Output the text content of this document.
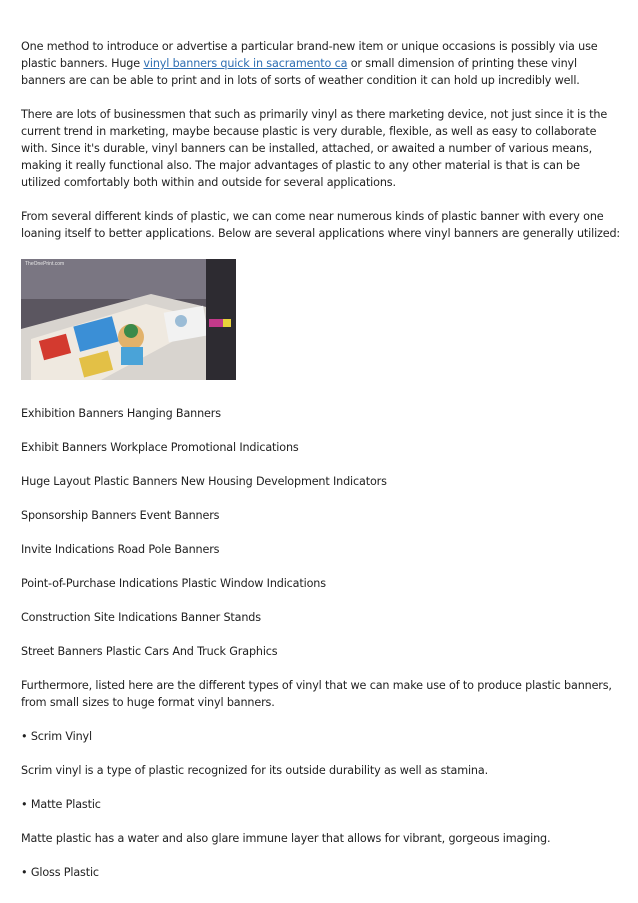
One method to introduce or advertise a particular brand-new item or unique occasions is possibly via use plastic banners. Huge vinyl banners quick in sacramento ca or small dimension of printing these vinyl banners are can be able to print and in lots of sorts of weather condition it can hold up incredibly well.

There are lots of businessmen that such as primarily vinyl as there marketing device, not just since it is the current trend in marketing, maybe because plastic is very durable, flexible, as well as easy to collaborate with. Since it's durable, vinyl banners can be installed, attached, or awaited a number of various means, making it really functional also. The major advantages of plastic to any other material is that is can be utilized comfortably both within and outside for several applications.

From several different kinds of plastic, we can come near numerous kinds of plastic banner with every one loaning itself to better applications. Below are several applications where vinyl banners are generally utilized:

TheOnePrint.com

Exhibition Banners Hanging Banners

Exhibit Banners Workplace Promotional Indications

Huge Layout Plastic Banners New Housing Development Indicators

Sponsorship Banners Event Banners

Invite Indications Road Pole Banners

Point-of-Purchase Indications Plastic Window Indications

Construction Site Indications Banner Stands

Street Banners Plastic Cars And Truck Graphics

Furthermore, listed here are the different types of vinyl that we can make use of to produce plastic banners, from small sizes to huge format vinyl banners.

• Scrim Vinyl

Scrim vinyl is a type of plastic recognized for its outside durability as well as stamina.

• Matte Plastic

Matte plastic has a water and also glare immune layer that allows for vibrant, gorgeous imaging.

• Gloss Plastic
